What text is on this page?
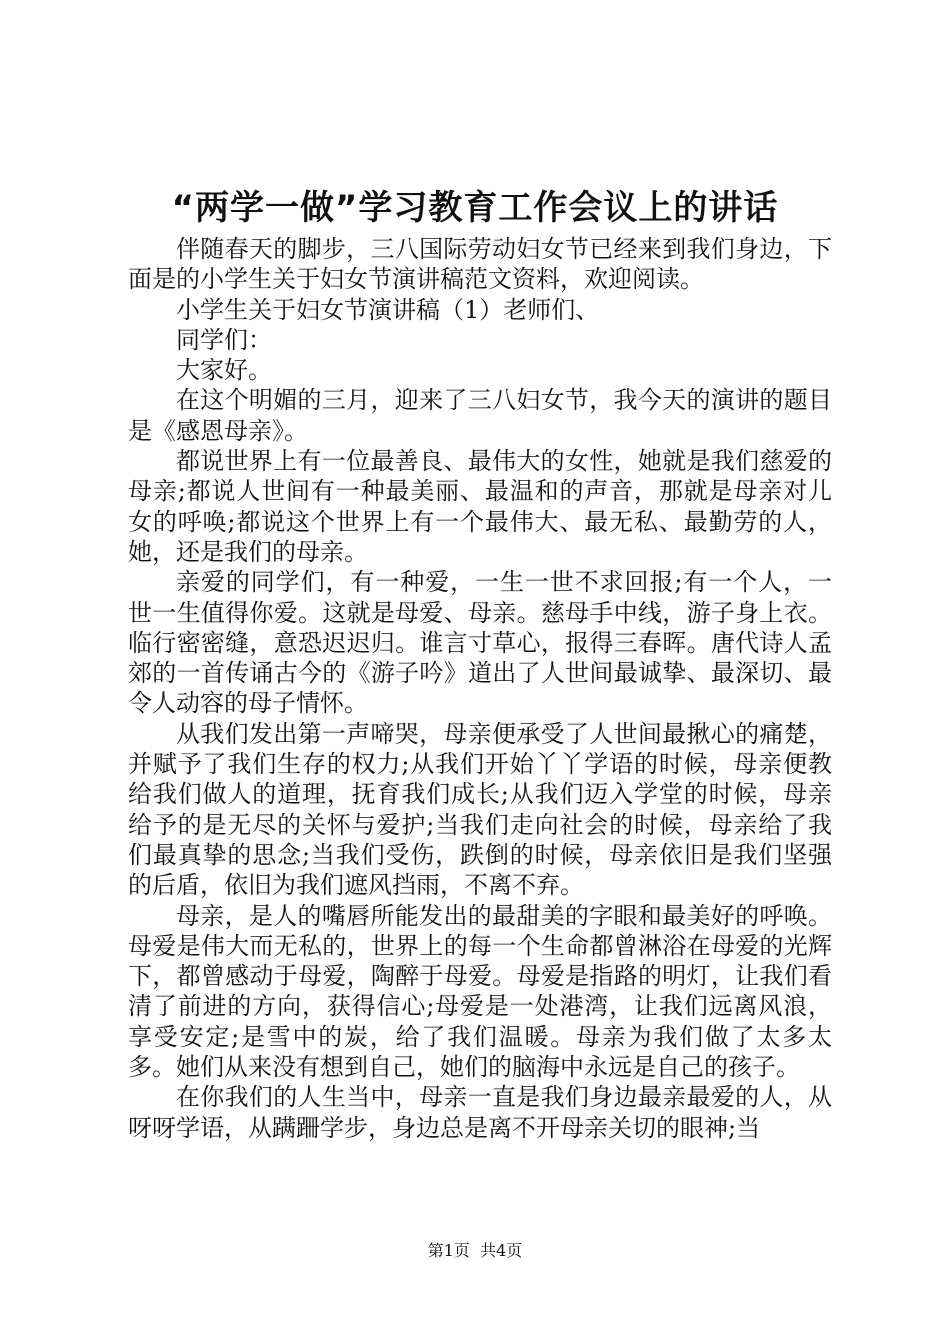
“两学一做”学习教育工作会议上的讲话

伴随春天的脚步，三八国际劳动妇女节已经来到我们身边，下面是的小学生关于妇女节演讲稿范文资料，欢迎阅读。

小学生关于妇女节演讲稿（1）老师们、

同学们：

大家好。

在这个明媚的三月，迎来了三八妇女节，我今天的演讲的题目是《感恩母亲》。

都说世界上有一位最善良、最伟大的女性，她就是我们慈爱的母亲;都说人世间有一种最美丽、最温和的声音，那就是母亲对儿女的呼唤;都说这个世界上有一个最伟大、最无私、最勤劳的人，她，还是我们的母亲。

亲爱的同学们，有一种爱，一生一世不求回报;有一个人，一世一生值得你爱。这就是母爱、母亲。慈母手中线，游子身上衣。临行密密缝，意恐迟迟归。谁言寸草心，报得三春晖。唐代诗人孟郊的一首传诵古今的《游子吟》道出了人世间最诚挚、最深切、最令人动容的母子情怀。

从我们发出第一声啼哭，母亲便承受了人世间最揪心的痛楚，并赋予了我们生存的权力;从我们开始丫丫学语的时候，母亲便教给我们做人的道理，抚育我们成长;从我们迈入学堂的时候，母亲给予的是无尽的关怀与爱护;当我们走向社会的时候，母亲给了我们最真挚的思念;当我们受伤，跌倒的时候，母亲依旧是我们坚强的后盾，依旧为我们遮风挡雨，不离不弃。

母亲，是人的嘴唇所能发出的最甜美的字眼和最美好的呼唤。母爱是伟大而无私的，世界上的每一个生命都曾淋浴在母爱的光辉下，都曾感动于母爱，陶醉于母爱。母爱是指路的明灯，让我们看清了前进的方向，获得信心;母爱是一处港湾，让我们远离风浪，享受安定;是雪中的炭，给了我们温暖。母亲为我们做了太多太多。她们从来没有想到自己，她们的脑海中永远是自己的孩子。

在你我们的人生当中，母亲一直是我们身边最亲最爱的人，从呀呀学语，从蹒跚学步，身边总是离不开母亲关切的眼神;当

第1页 共4页
